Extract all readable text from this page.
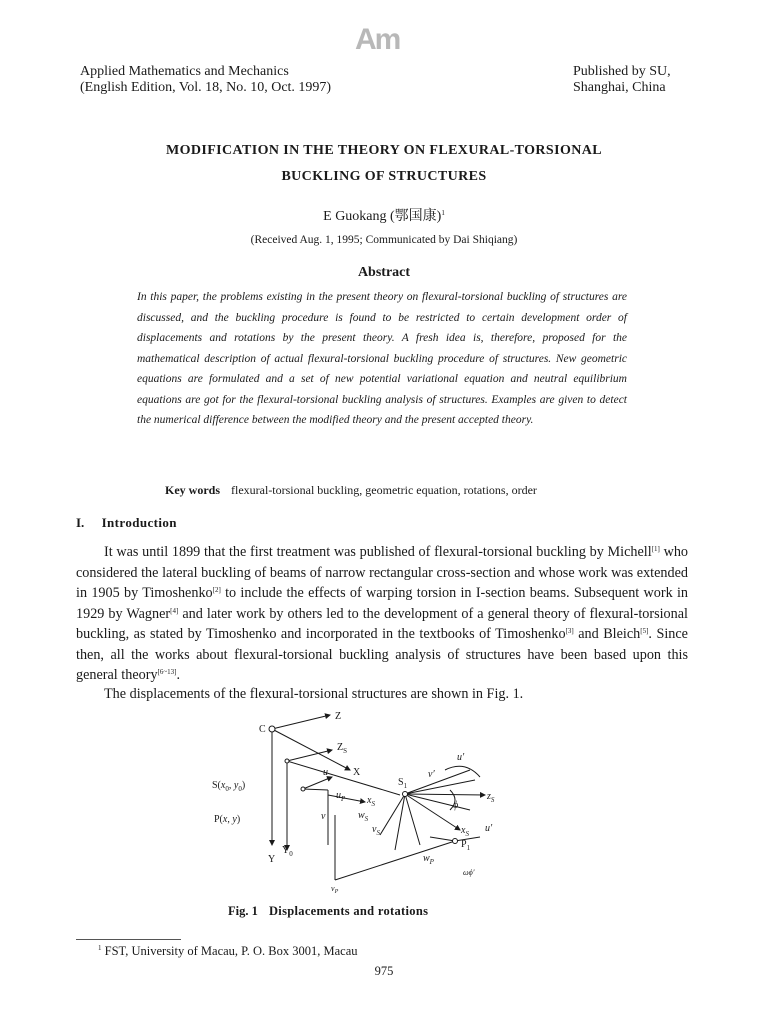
Am
Applied Mathematics and Mechanics
(English Edition, Vol. 18, No. 10, Oct. 1997)
Published by SU,
Shanghai, China
MODIFICATION IN THE THEORY ON FLEXURAL-TORSIONAL
BUCKLING OF STRUCTURES
E Guokang (鄂国康)$^1$
(Received Aug. 1, 1995; Communicated by Dai Shiqiang)
Abstract
In this paper, the problems existing in the present theory on flexural-torsional buckling of structures are discussed, and the buckling procedure is found to be restricted to certain development order of displacements and rotations by the present theory. A fresh idea is, therefore, proposed for the mathematical description of actual flexural-torsional buckling procedure of structures. New geometric equations are formulated and a set of new potential variational equation and neutral equilibrium equations are got for the flexural-torsional buckling analysis of structures. Examples are given to detect the numerical difference between the modified theory and the present accepted theory.
Key words flexural-torsional buckling, geometric equation, rotations, order
I. Introduction
It was until 1899 that the first treatment was published of flexural-torsional buckling by Michell[1] who considered the lateral buckling of beams of narrow rectangular cross-section and whose work was extended in 1905 by Timoshenko[2] to include the effects of warping torsion in I-section beams. Subsequent work in 1929 by Wagner[4] and later work by others led to the development of a general theory of flexural-torsional buckling, as stated by Timoshenko and incorporated in the textbooks of Timoshenko[3] and Bleich[5]. Since then, all the works about flexural-torsional buckling analysis of structures have been based upon this general theory[6~13].
The displacements of the flexural-torsional structures are shown in Fig. 1.
C
Z
$Z_S$
X
u
$S(x_0$, $y_0$)
P(x, y)
$u_P$ $x_S$
$S_1$
v′
u′
$z_S$
ϕ
v	$w_S$
$v_S$	$x_S$ u′
$Y_0$
Y	$w_P$
$P_1$
ωϕ′
$v_P$
Fig. 1 Displacements and rotations
$^1$ FST, University of Macau, P. O. Box 3001, Macau
975
